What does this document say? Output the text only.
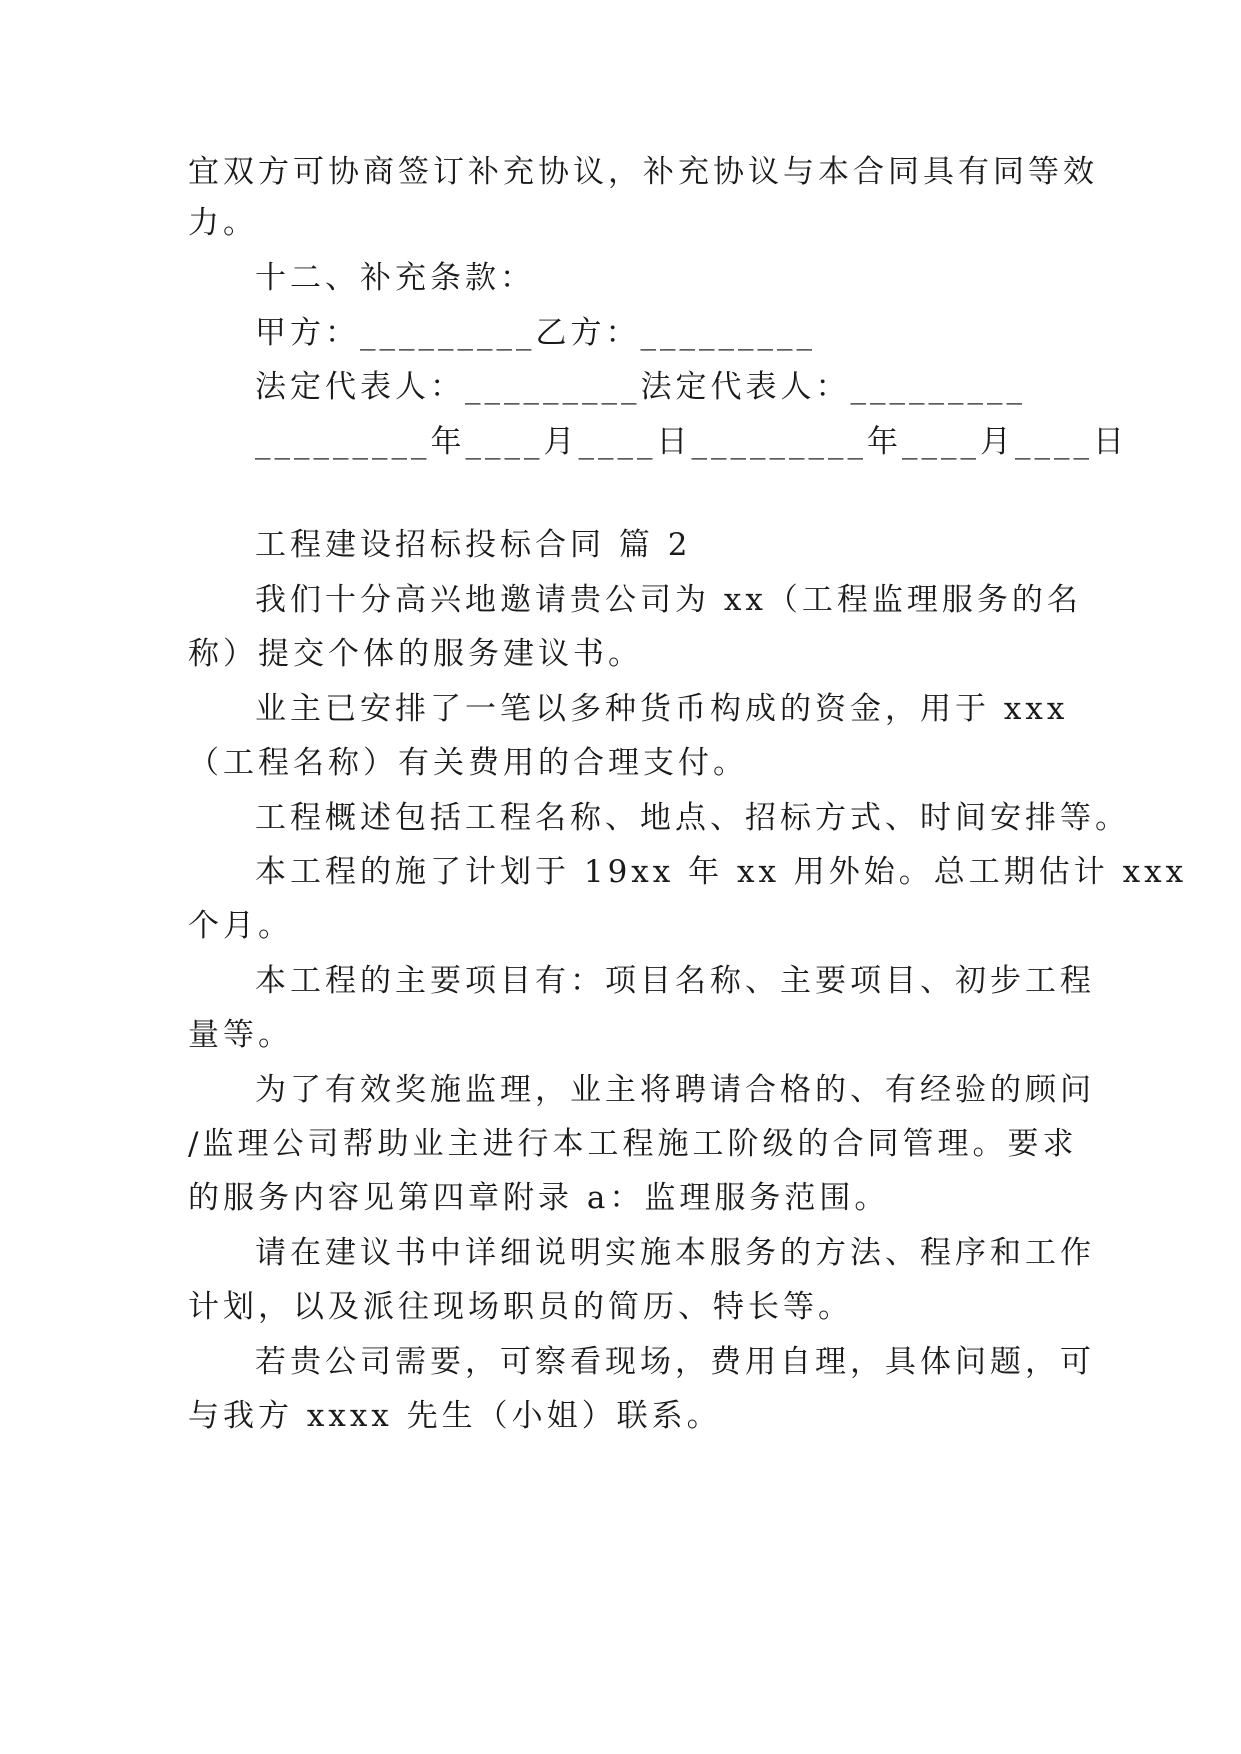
宜双方可协商签订补充协议，补充协议与本合同具有同等效
力。
十二、补充条款：
甲方：_________乙方：_________
法定代表人：_________法定代表人：_________
_________年____月____日_________年____月____日
工程建设招标投标合同 篇 2
我们十分高兴地邀请贵公司为 xx（工程监理服务的名
称）提交个体的服务建议书。
业主已安排了一笔以多种货币构成的资金，用于 xxx
（工程名称）有关费用的合理支付。
工程概述包括工程名称、地点、招标方式、时间安排等。
本工程的施了计划于 19xx 年 xx 用外始。总工期估计 xxx
个月。
本工程的主要项目有：项目名称、主要项目、初步工程
量等。
为了有效奖施监理，业主将聘请合格的、有经验的顾问
/监理公司帮助业主进行本工程施工阶级的合同管理。要求
的服务内容见第四章附录 a：监理服务范围。
请在建议书中详细说明实施本服务的方法、程序和工作
计划，以及派往现场职员的简历、特长等。
若贵公司需要，可察看现场，费用自理，具体问题，可
与我方 xxxx 先生（小姐）联系。
